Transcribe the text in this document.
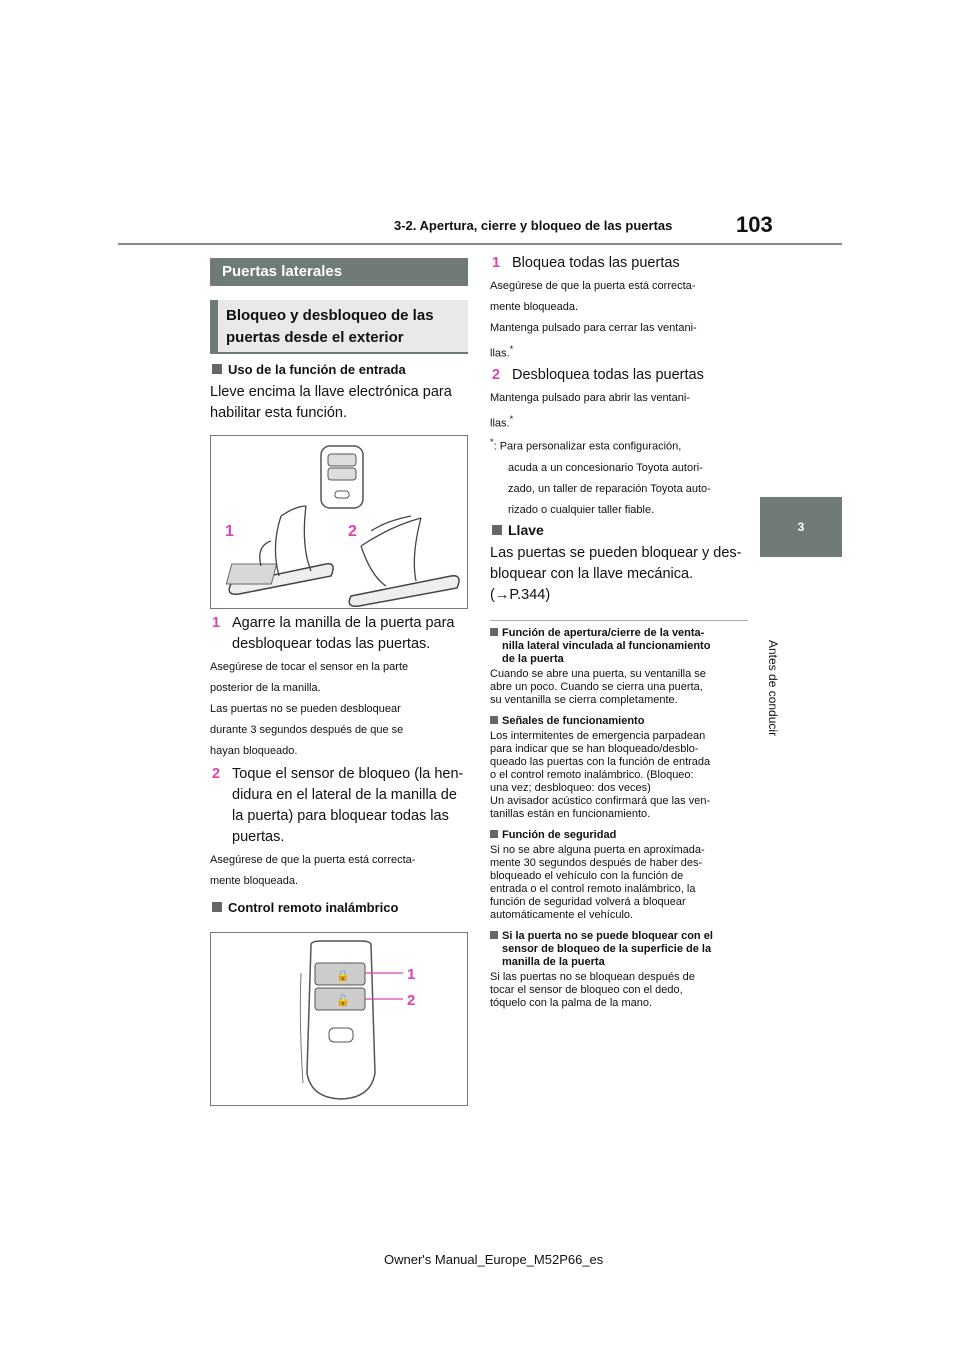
3-2. Apertura, cierre y bloqueo de las puertas	103
3
Antes de conducir
Puertas laterales
Bloqueo y desbloqueo de las
puertas desde el exterior
Uso de la función de entrada
Lleve encima la llave electrónica para
habilitar esta función.
1	2
1 Agarre la manilla de la puerta para
desbloquear todas las puertas.
Asegúrese de tocar el sensor en la parte
posterior de la manilla.
Las puertas no se pueden desbloquear
durante 3 segundos después de que se
hayan bloqueado.
2 Toque el sensor de bloqueo (la hen-
didura en el lateral de la manilla de
la puerta) para bloquear todas las
puertas.
Asegúrese de que la puerta está correcta-
mente bloqueada.
Control remoto inalámbrico
🔒
🔓
1
2
1 Bloquea todas las puertas
Asegúrese de que la puerta está correcta-
mente bloqueada.
Mantenga pulsado para cerrar las ventani-
llas.*
2 Desbloquea todas las puertas
Mantenga pulsado para abrir las ventani-
llas.*
*: Para personalizar esta configuración,
acuda a un concesionario Toyota autori-
zado, un taller de reparación Toyota auto-
rizado o cualquier taller fiable.
Llave
Las puertas se pueden bloquear y des-
bloquear con la llave mecánica.
(→P.344)
Función de apertura/cierre de la venta-
nilla lateral vinculada al funcionamiento
de la puerta
Cuando se abre una puerta, su ventanilla se
abre un poco. Cuando se cierra una puerta,
su ventanilla se cierra completamente.
Señales de funcionamiento
Los intermitentes de emergencia parpadean
para indicar que se han bloqueado/desblo-
queado las puertas con la función de entrada
o el control remoto inalámbrico. (Bloqueo:
una vez; desbloqueo: dos veces)
Un avisador acústico confirmará que las ven-
tanillas están en funcionamiento.
Función de seguridad
Si no se abre alguna puerta en aproximada-
mente 30 segundos después de haber des-
bloqueado el vehículo con la función de
entrada o el control remoto inalámbrico, la
función de seguridad volverá a bloquear
automáticamente el vehículo.
Si la puerta no se puede bloquear con el
sensor de bloqueo de la superficie de la
manilla de la puerta
Si las puertas no se bloquean después de
tocar el sensor de bloqueo con el dedo,
tóquelo con la palma de la mano.
Owner's Manual_Europe_M52P66_es
